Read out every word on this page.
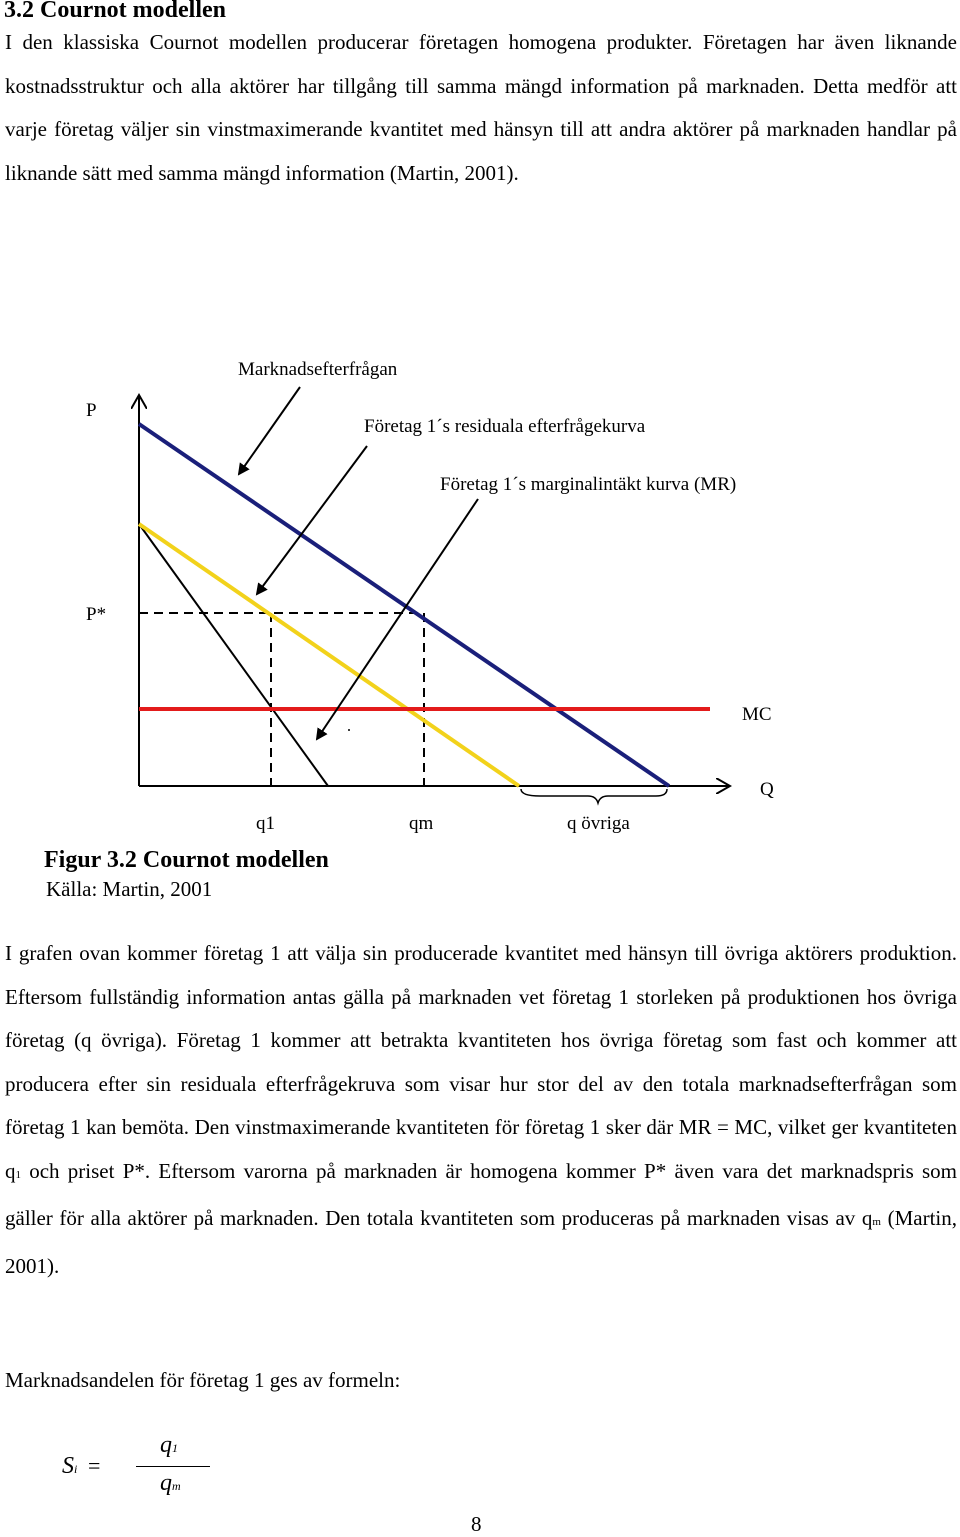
3.2 Cournot modellen

I den klassiska Cournot modellen producerar företagen homogena produkter. Företagen har även liknande kostnadsstruktur och alla aktörer har tillgång till samma mängd information på marknaden. Detta medför att varje företag väljer sin vinstmaximerande kvantitet med hänsyn till att andra aktörer på marknaden handlar på liknande sätt med samma mängd information (Martin, 2001).

Marknadsefterfrågan
Företag 1´s residuala efterfrågekurva
Företag 1´s marginalintäkt kurva (MR)
P
P*
MC
Q
q1	qm	q övriga
Figur 3.2 Cournot modellen
Källa: Martin, 2001

I grafen ovan kommer företag 1 att välja sin producerade kvantitet med hänsyn till övriga aktörers produktion. Eftersom fullständig information antas gälla på marknaden vet företag 1 storleken på produktionen hos övriga företag (q övriga). Företag 1 kommer att betrakta kvantiteten hos övriga företag som fast och kommer att producera efter sin residuala efterfrågekruva som visar hur stor del av den totala marknadsefterfrågan som företag 1 kan bemöta. Den vinstmaximerande kvantiteten för företag 1 sker där MR = MC, vilket ger kvantiteten q1 och priset P*. Eftersom varorna på marknaden är homogena kommer P* även vara det marknadspris som gäller för alla aktörer på marknaden. Den totala kvantiteten som produceras på marknaden visas av qm (Martin, 2001).

Marknadsandelen för företag 1 ges av formeln:
Si =
q1
qm
8
